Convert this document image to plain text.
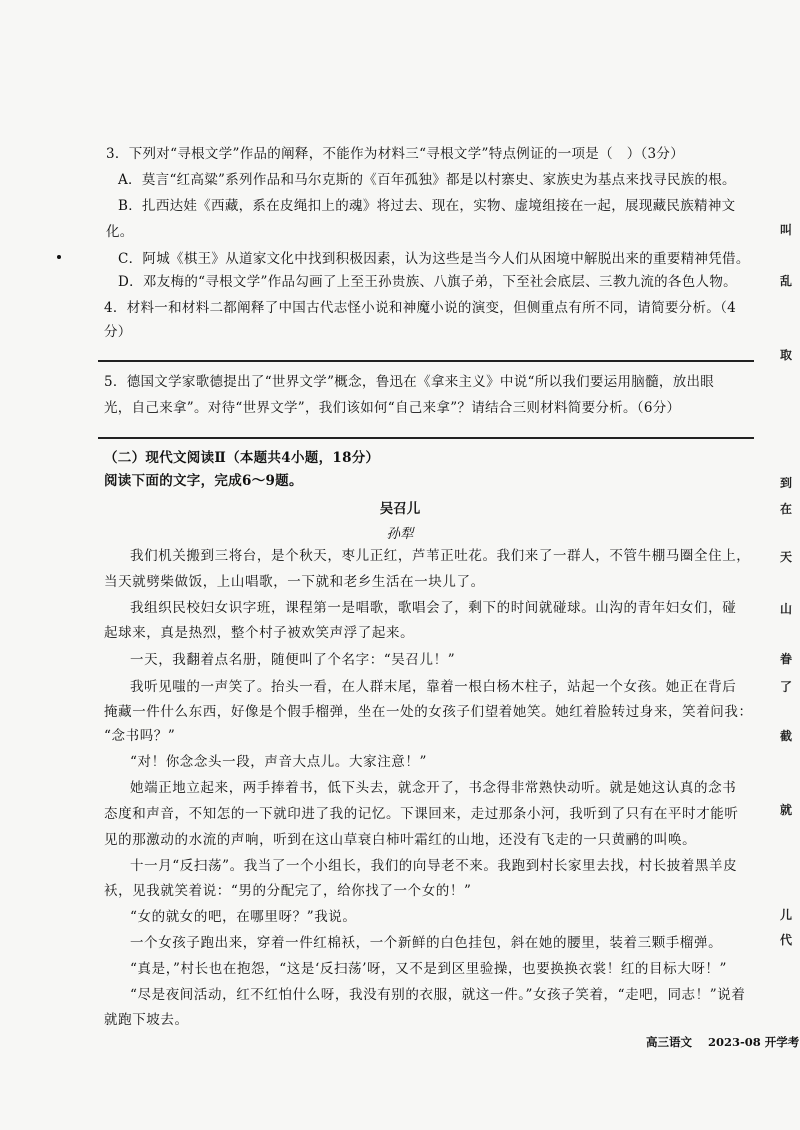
3．下列对“寻根文学”作品的阐释，不能作为材料三“寻根文学”特点例证的一项是（　）（3分）
A．莫言“红高粱”系列作品和马尔克斯的《百年孤独》都是以村寨史、家族史为基点来找寻民族的根。
B．扎西达娃《西藏，系在皮绳扣上的魂》将过去、现在，实物、虚境组接在一起，展现藏民族精神文
化。
C．阿城《棋王》从道家文化中找到积极因素，认为这些是当今人们从困境中解脱出来的重要精神凭借。
D．邓友梅的“寻根文学”作品勾画了上至王孙贵族、八旗子弟，下至社会底层、三教九流的各色人物。
4．材料一和材料二都阐释了中国古代志怪小说和神魔小说的演变，但侧重点有所不同，请简要分析。（4
分）
5．德国文学家歌德提出了“世界文学”概念，鲁迅在《拿来主义》中说“所以我们要运用脑髓，放出眼
光，自己来拿”。对待“世界文学”，我们该如何“自己来拿”？请结合三则材料简要分析。（6分）
（二）现代文阅读Ⅱ（本题共4小题，18分）
阅读下面的文字，完成6～9题。
吴召儿
孙犁
我们机关搬到三将台，是个秋天，枣儿正红，芦苇正吐花。我们来了一群人，不管牛棚马圈全住上，
当天就劈柴做饭，上山唱歌，一下就和老乡生活在一块儿了。
我组织民校妇女识字班，课程第一是唱歌，歌唱会了，剩下的时间就碰球。山沟的青年妇女们，碰
起球来，真是热烈，整个村子被欢笑声浮了起来。
一天，我翻着点名册，随便叫了个名字：“吴召儿！”
我听见嗤的一声笑了。抬头一看，在人群末尾，靠着一根白杨木柱子，站起一个女孩。她正在背后
掩藏一件什么东西，好像是个假手榴弹，坐在一处的女孩子们望着她笑。她红着脸转过身来，笑着问我：
“念书吗？”
“对！你念念头一段，声音大点儿。大家注意！”
她端正地立起来，两手捧着书，低下头去，就念开了，书念得非常熟快动听。就是她这认真的念书
态度和声音，不知怎的一下就印进了我的记忆。下课回来，走过那条小河，我听到了只有在平时才能听
见的那激动的水流的声响，听到在这山草衰白柿叶霜红的山地，还没有飞走的一只黄鹂的叫唤。
十一月“反扫荡”。我当了一个小组长，我们的向导老不来。我跑到村长家里去找，村长披着黑羊皮
袄，见我就笑着说：“男的分配完了，给你找了一个女的！”
“女的就女的吧，在哪里呀？”我说。
一个女孩子跑出来，穿着一件红棉袄，一个新鲜的白色挂包，斜在她的腰里，装着三颗手榴弹。
“真是，”村长也在抱怨，“这是‘反扫荡’呀，又不是到区里验操，也要换换衣裳！红的目标大呀！”
“尽是夜间活动，红不红怕什么呀，我没有别的衣服，就这一件。”女孩子笑着，“走吧，同志！”说着
就跑下坡去。
叫
乱
取
到
在
天
山
眷
了
截
就
儿
代
高三语文 2023-08 开学考
